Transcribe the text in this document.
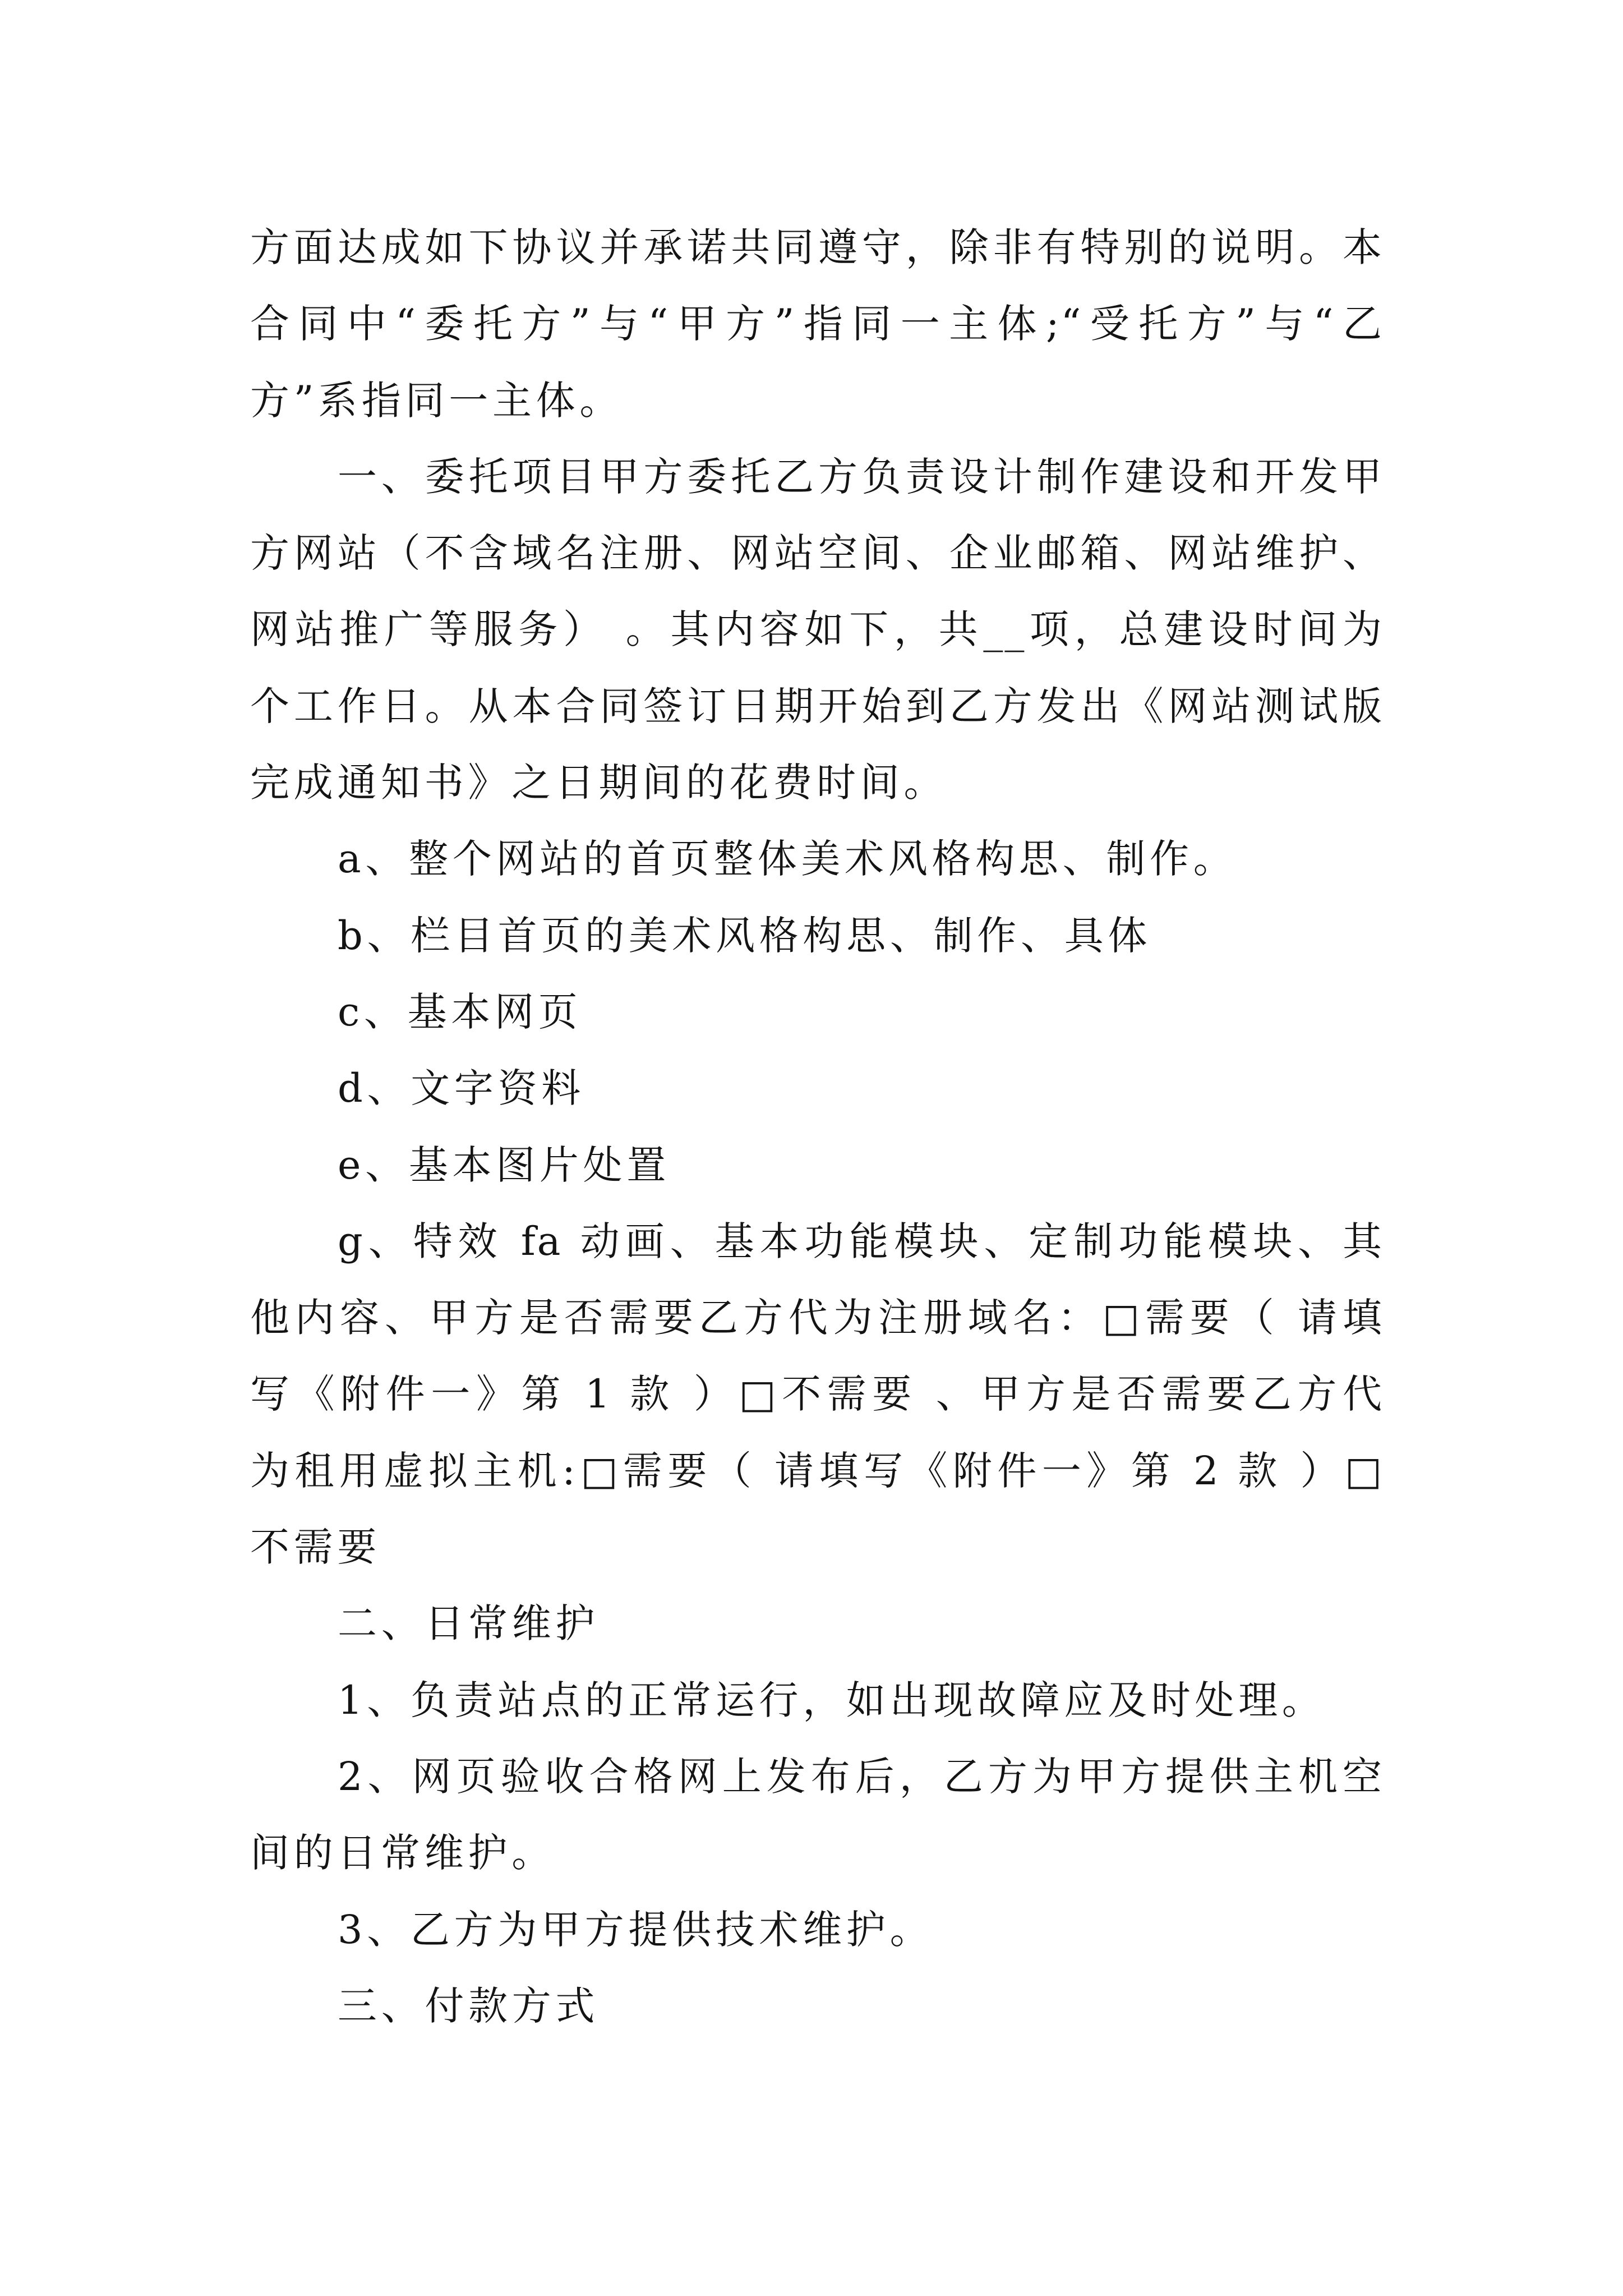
方面达成如下协议并承诺共同遵守，除非有特别的说明。本
合同中“委托方”与“甲方”指同一主体;“受托方”与“乙
方”系指同一主体。
一、委托项目甲方委托乙方负责设计制作建设和开发甲
方网站（不含域名注册、网站空间、企业邮箱、网站维护、
网站推广等服务） 。其内容如下，共__项，总建设时间为
个工作日。从本合同签订日期开始到乙方发出《网站测试版
完成通知书》之日期间的花费时间。
a、整个网站的首页整体美术风格构思、制作。
b、栏目首页的美术风格构思、制作、具体
c、基本网页
d、文字资料
e、基本图片处置
g、特效 fa 动画、基本功能模块、定制功能模块、其
他内容、甲方是否需要乙方代为注册域名：□需要（ 请填
写《附件一》第 1 款 ）□不需要 、甲方是否需要乙方代
为租用虚拟主机:□需要（ 请填写《附件一》第 2 款 ）□
不需要
二、日常维护
1、负责站点的正常运行，如出现故障应及时处理。
2、网页验收合格网上发布后，乙方为甲方提供主机空
间的日常维护。
3、乙方为甲方提供技术维护。
三、付款方式
